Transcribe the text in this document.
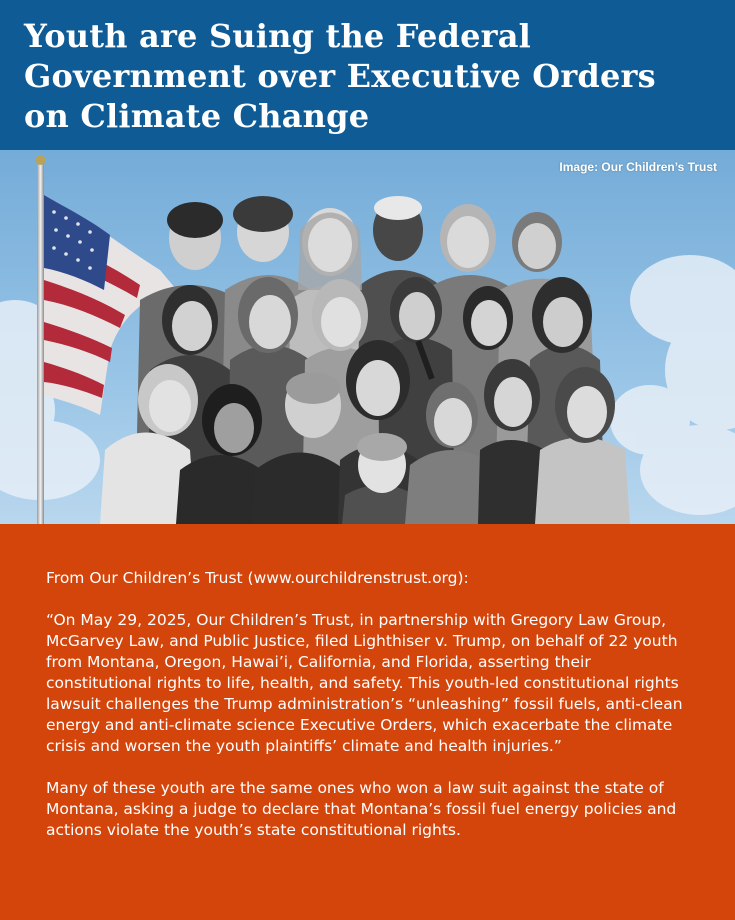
Youth are Suing the Federal Government over Executive Orders on Climate Change
Image: Our Children’s Trust

From Our Children’s Trust (www.ourchildrenstrust.org):

“On May 29, 2025, Our Children’s Trust, in partnership with Gregory Law Group, McGarvey Law, and Public Justice, filed Lighthiser v. Trump, on behalf of 22 youth from Montana, Oregon, Hawai’i, California, and Florida, asserting their constitutional rights to life, health, and safety. This youth-led constitutional rights lawsuit challenges the Trump administration’s “unleashing” fossil fuels, anti-clean energy and anti-climate science Executive Orders, which exacerbate the climate crisis and worsen the youth plaintiffs’ climate and health injuries.”

Many of these youth are the same ones who won a law suit against the state of Montana, asking a judge to declare that Montana’s fossil fuel energy policies and actions violate the youth’s state constitutional rights.
